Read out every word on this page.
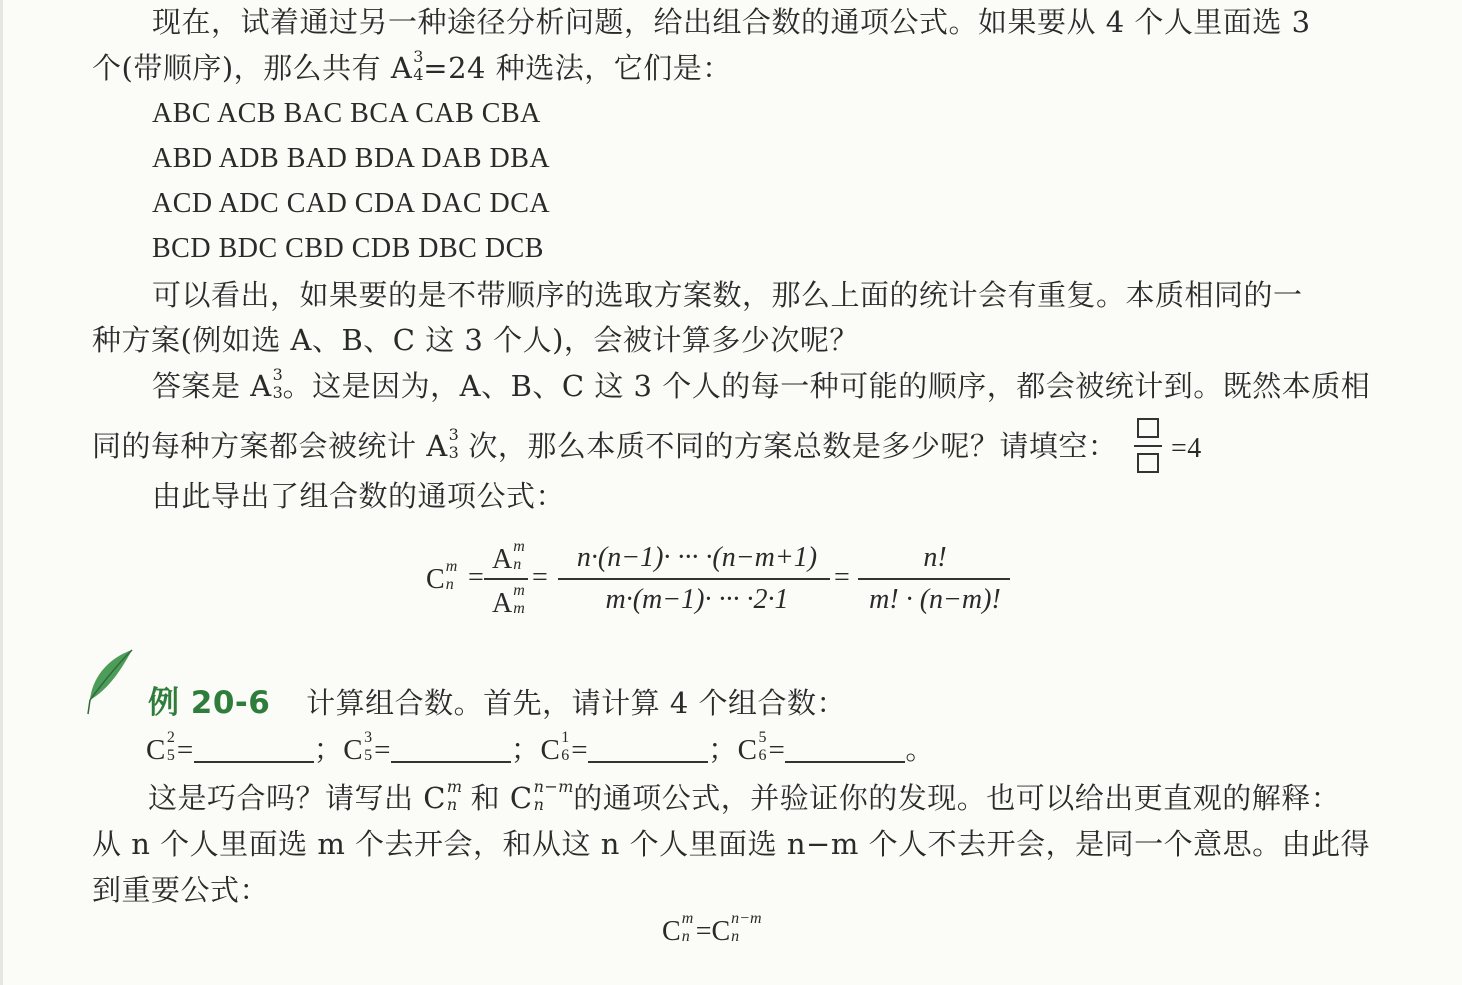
现在，试着通过另一种途径分析问题，给出组合数的通项公式。如果要从 4 个人里面选 3
个(带顺序)，那么共有 A 3
4 =24 种选法，它们是：
ABC ACB BAC BCA CAB CBA
ABD ADB BAD BDA DAB DBA
ACD ADC CAD CDA DAC DCA
BCD BDC CBD CDB DBC DCB
可以看出，如果要的是不带顺序的选取方案数，那么上面的统计会有重复。本质相同的一
种方案(例如选 A、B、C 这 3 个人)，会被计算多少次呢？
答案是 A 3
3 。这是因为，A、B、C 这 3 个人的每一种可能的顺序，都会被统计到。既然本质相
同的每种方案都会被统计 A 3
3 次，那么本质不同的方案总数是多少呢？请填空： =4
由此导出了组合数的通项公式：
C m
n =
A m
n
A m
m
=
n·(n−1)· ··· ·(n−m+1)
m·(m−1)· ··· ·2·1
=
n!
m! · (n−m)!
例 20-6 计算组合数。首先，请计算 4 个组合数：
C 2
5 =	；C 3
5 =	；C 1
6 =	；C 5
6 =	。
这是巧合吗？请写出 C m
n 和 C n−m
n 的通项公式，并验证你的发现。也可以给出更直观的解释：
从 n 个人里面选 m 个去开会，和从这 n 个人里面选 n−m 个人不去开会，是同一个意思。由此得
到重要公式：
C m
n =C n−m
n
